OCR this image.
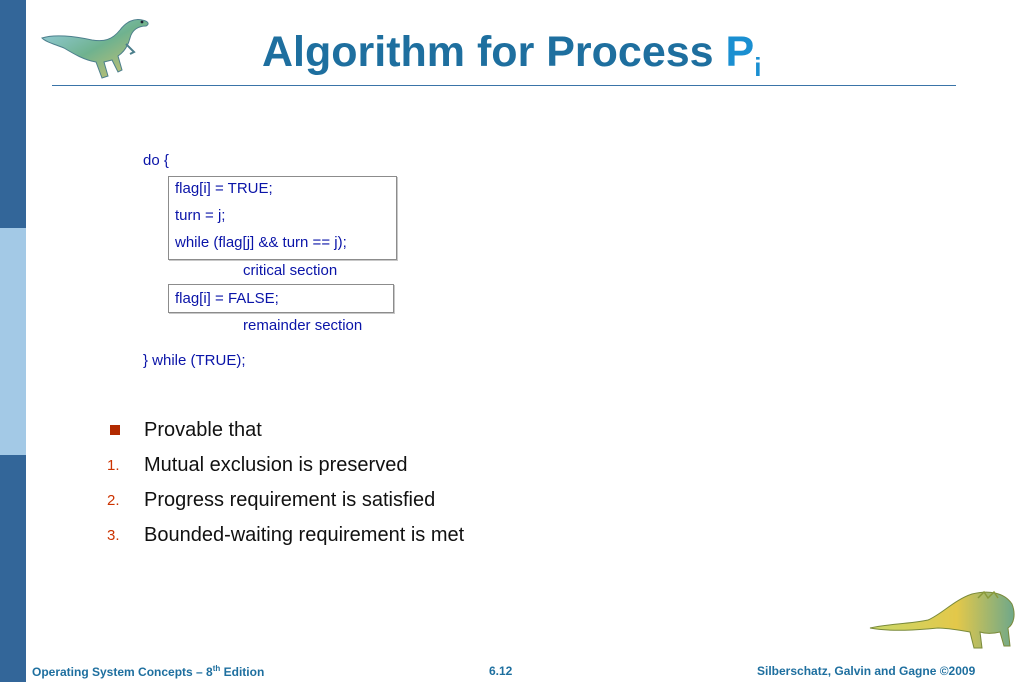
Algorithm for Process $P_i$
do {
flag[i] = TRUE;
turn = j;
while (flag[j] && turn == j);
critical section
flag[i] = FALSE;
remainder section
} while (TRUE);
Provable that
1. Mutual exclusion is preserved
2. Progress requirement is satisfied
3. Bounded-waiting requirement is met
Operating System Concepts – 8th Edition	6.12	Silberschatz, Galvin and Gagne ©2009
